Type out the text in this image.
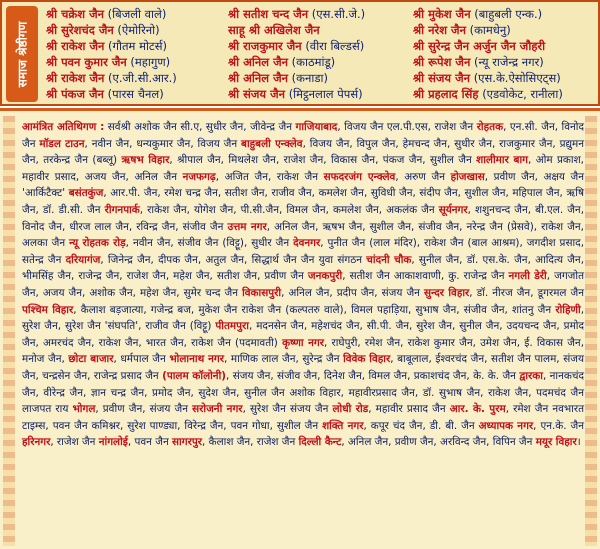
समाज श्रेष्ठीगण
श्री चक्रेश जैन (बिजली वाले)	श्री सतीश चन्द जैन (एस.सी.जे.)	श्री मुकेश जैन (बाहुबली एन्क.)
श्री सुरेशचंद जैन (ऐमोरिनो)	साहू श्री अखिलेश जैन	श्री नरेश जैन (कामधेनु)
श्री राकेश जैन (गौतम मोटर्स)	श्री राजकुमार जैन (वीरा बिल्डर्स)	श्री सुरेन्द्र जैन अर्जुन जैन जौहरी
श्री पवन कुमार जैन (महागुण)	श्री अनिल जैन (काठमांडू)	श्री रूपेश जैन (न्यू राजेन्द्र नगर)
श्री राकेश जैन (ए.जी.सी.आर.)	श्री अनिल जैन (कनाडा)	श्री संजय जैन (एस.के.ऐसोसिएट्स)
श्री पंकज जैन (पारस चैनल)	श्री संजय जैन (मिट्ठनलाल पेपर्स)	श्री प्रहलाद सिंह (एडवोकेट, रानीला)
आमंत्रित अतिथिगण : सर्वश्री अशोक जैन सी.ए, सुधीर जैन, जीवेन्द्र जैन गाजियाबाद, विजय जैन एल.पी.एस, राजेश जैन रोहतक, एन.सी. जैन, विनोद जैन मॉडल टाउन, नवीन जैन, धन्यकुमार जैन, विजय जैन बाहुबली एन्क्लेव, विजय जैन, विपुल जैन, हेमचन्द जैन, सुधीर जैन, राजकुमार जैन, प्रद्युमन जैन, तरकेन्द्र जैन (बब्लू) ऋषभ विहार, श्रीपाल जैन, मिथलेश जैन, राजेश जैन, विकास जैन, पंकज जैन, सुशील जैन शालीमार बाग, ओम प्रकाश, महावीर प्रसाद, अजय जैन, अनिल जैन नजफगढ़, अजित जैन, राकेश जैन सफदरजंग एन्क्लेव, अरुण जैन होजखास, प्रवीण जैन, अक्षय जैन 'आर्किटैक्ट' बसंतकुंज, आर.पी. जैन, रमेश चन्द्र जैन, सतीश जैन, राजीव जैन, कमलेश जैन, सुविधी जैन, संदीप जैन, सुशील जैन, महिपाल जैन, ऋषि जैन, डॉ. डी.सी. जैन रीगनपार्क, राकेश जैन, योगेश जैन, पी.सी.जैन, विमल जैन, कमलेश जैन, अकलंक जैन सूर्यनगर, शशुनचन्द जैन, बी.एल. जैन, विनोद जैन, धीरज लाल जैन, रविन्द्र जैन, संजीव जैन उत्तम नगर, अनिल जैन, ऋषभ जैन, सुशील जैन, संजीव जैन, नरेन्द्र जैन (प्रेसवे), राकेश जैन, अलका जैन न्यू रोहतक रोड़, नवीन जैन, संजीव जैन (विट्टू), सुधीर जैन देवनगर, पुनीत जैन (लाल मंदिर), राकेश जैन (बाल आश्रम), जगदीश प्रसाद, सतेन्द्र जैन दरियागंज, जिनेन्द्र जैन, दीपक जैन, अतुल जैन, सिद्धार्थ जैन जैन युवा संगठन चांदनी चौक, सुनील जैन, डॉ. एस.के. जैन, आदित्य जैन, भीमसिंह जैन, राजेन्द्र जैन, राजेश जैन, महेश जैन, सतीश जैन, प्रवीण जैन जनकपुरी, सतीश जैन आकाशवाणी, कु. राजेन्द्र जैन नगली डेरी, जगजोत जैन, अजय जैन, अशोक जैन, महेश जैन, सुमेर चन्द जैन विकासपुरी, अनिल जैन, प्रदीप जैन, संजय जैन सुन्दर विहार, डॉ. नीरज जैन, डूगरमल जैन पश्चिम विहार, कैलाश बड़जात्या, गजेन्द्र बज, मुकेश जैन राकेश जैन (कल्पतरु वाले), विमल पहाड़िया, सुभाष जैन, संजीव जैन, शांतनु जैन रोहिणी, सुरेश जैन, सुरेश जैन 'संघपति', राजीव जैन (विट्टू) पीतमपुरा, मदनसेन जैन, महेशचंद जैन, सी.पी. जैन, सुरेश जैन, सुनील जैन, उदयचन्द जैन, प्रमोद जैन, अमरचंद जैन, राकेश जैन, भारत जैन, राकेश जैन (पदमावती) कृष्णा नगर, राघेपुरी, रमेश जैन, राकेश कुमार जैन, उमेश जैन, ई. विकास जैन, मनोज जैन, छोटा बाजार, धर्मपाल जैन भोलानाथ नगर, माणिक लाल जैन, सुरेन्द्र जैन विवेक विहार, बाबूलाल, ईश्वरचंद जैन, सतीश जैन पालम, संजय जैन, चन्द्रसेन जैन, राजेन्द्र प्रसाद जैन (पालम कॉलोनी), संजय जैन, संजीव जैन, दिनेश जैन, विमल जैन, प्रकाशचंद जैन, के. के. जैन द्वारका, नानकचंद जैन, वीरेन्द्र जैन, ज्ञान चन्द्र जैन, प्रमोद जैन, सुदेश जैन, सुनील जैन अशोक विहार, महावीरप्रसाद जैन, डॉ. सुभाष जैन, राकेश जैन, पदमचंद जैन लाजपत राय भोगल, प्रवीण जैन, संजय जैन सरोजनी नगर, सुरेश जैन संजय जैन लोधी रोड, महावीर प्रसाद जैन आर. के. पुरम, रमेश जैन नवभारत टाइम्स, पवन जैन कमिश्नर, सुरेश पाण्ड्या, विरेन्द्र जैन, पवन गोधा, सुशील जैन शक्ति नगर, कपूर चंद जैन, डी. बी. जैन अध्यापक नगर, एन.के. जैन हरिनगर, राजेश जैन नांगलोई, पवन जैन सागरपुर, कैलाश जैन, राजेश जैन दिल्ली कैन्ट, अनिल जैन, प्रवीण जैन, अरविन्द जैन, विपिन जैन मयूर विहार।
